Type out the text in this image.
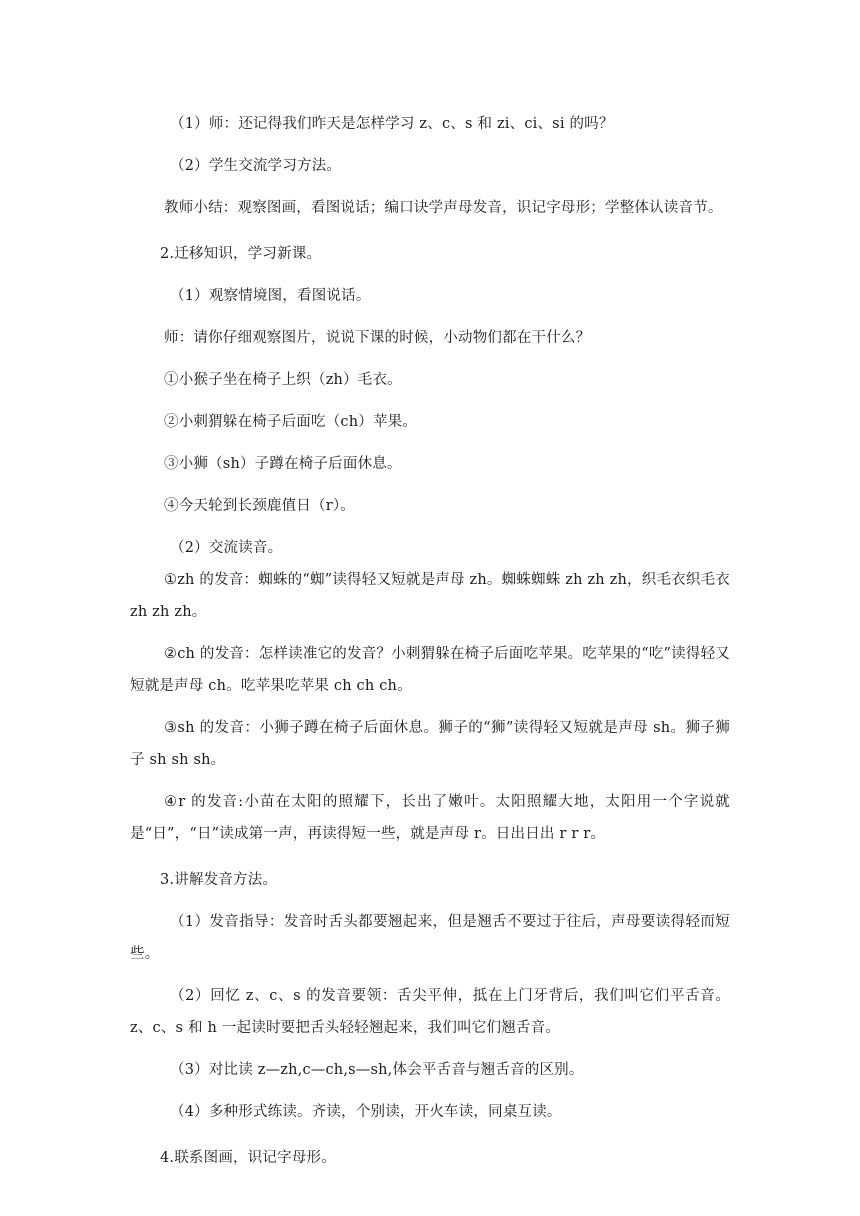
（1）师：还记得我们昨天是怎样学习 z、c、s 和 zi、ci、si 的吗？

（2）学生交流学习方法。

教师小结：观察图画，看图说话；编口诀学声母发音，识记字母形；学整体认读音节。

2.迁移知识，学习新课。

（1）观察情境图，看图说话。

师：请你仔细观察图片，说说下课的时候，小动物们都在干什么？

①小猴子坐在椅子上织（zh）毛衣。

②小刺猬躲在椅子后面吃（ch）苹果。

③小狮（sh）子蹲在椅子后面休息。

④今天轮到长颈鹿值日（r）。

（2）交流读音。

①zh 的发音：蜘蛛的“蜘”读得轻又短就是声母 zh。蜘蛛蜘蛛 zh zh zh，织毛衣织毛衣 zh zh zh。

②ch 的发音：怎样读准它的发音？小刺猬躲在椅子后面吃苹果。吃苹果的“吃”读得轻又短就是声母 ch。吃苹果吃苹果 ch ch ch。

③sh 的发音：小狮子蹲在椅子后面休息。狮子的“狮”读得轻又短就是声母 sh。狮子狮子 sh sh sh。

④r 的发音:小苗在太阳的照耀下，长出了嫩叶。太阳照耀大地，太阳用一个字说就是“日”，“日”读成第一声，再读得短一些，就是声母 r。日出日出 r r r。

3.讲解发音方法。

（1）发音指导：发音时舌头都要翘起来，但是翘舌不要过于往后，声母要读得轻而短些。

（2）回忆 z、c、s 的发音要领：舌尖平伸，抵在上门牙背后，我们叫它们平舌音。z、c、s 和 h 一起读时要把舌头轻轻翘起来，我们叫它们翘舌音。

（3）对比读 z—zh,c—ch,s—sh,体会平舌音与翘舌音的区别。

（4）多种形式练读。齐读，个别读，开火车读，同桌互读。

4.联系图画，识记字母形。
